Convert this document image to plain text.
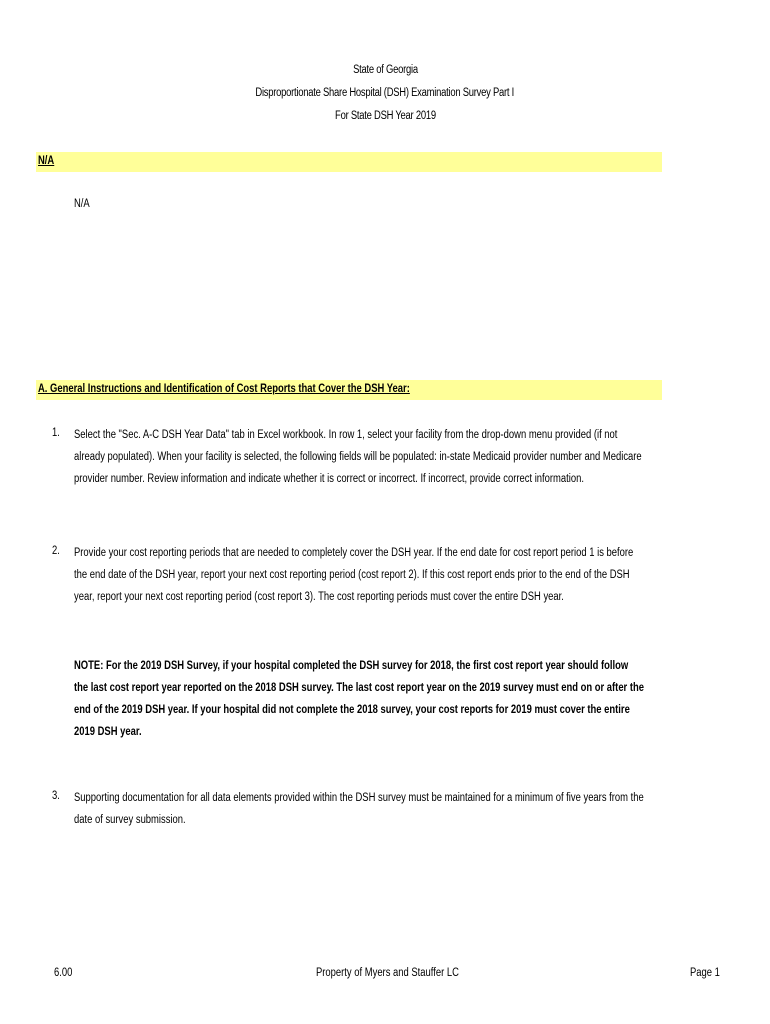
State of Georgia
Disproportionate Share Hospital (DSH) Examination Survey Part I
For State DSH Year 2019
N/A
N/A
A. General Instructions and Identification of Cost Reports that Cover the DSH Year:
1. Select the "Sec. A-C DSH Year Data" tab in Excel workbook. In row 1, select your facility from the drop-down menu provided (if not
already populated). When your facility is selected, the following fields will be populated: in-state Medicaid provider number and Medicare
provider number. Review information and indicate whether it is correct or incorrect. If incorrect, provide correct information.
2. Provide your cost reporting periods that are needed to completely cover the DSH year. If the end date for cost report period 1 is before
the end date of the DSH year, report your next cost reporting period (cost report 2). If this cost report ends prior to the end of the DSH
year, report your next cost reporting period (cost report 3). The cost reporting periods must cover the entire DSH year.
NOTE: For the 2019 DSH Survey, if your hospital completed the DSH survey for 2018, the first cost report year should follow
the last cost report year reported on the 2018 DSH survey. The last cost report year on the 2019 survey must end on or after the
end of the 2019 DSH year. If your hospital did not complete the 2018 survey, your cost reports for 2019 must cover the entire
2019 DSH year.
3. Supporting documentation for all data elements provided within the DSH survey must be maintained for a minimum of five years from the
date of survey submission.
6.00	Property of Myers and Stauffer LC	Page 1
